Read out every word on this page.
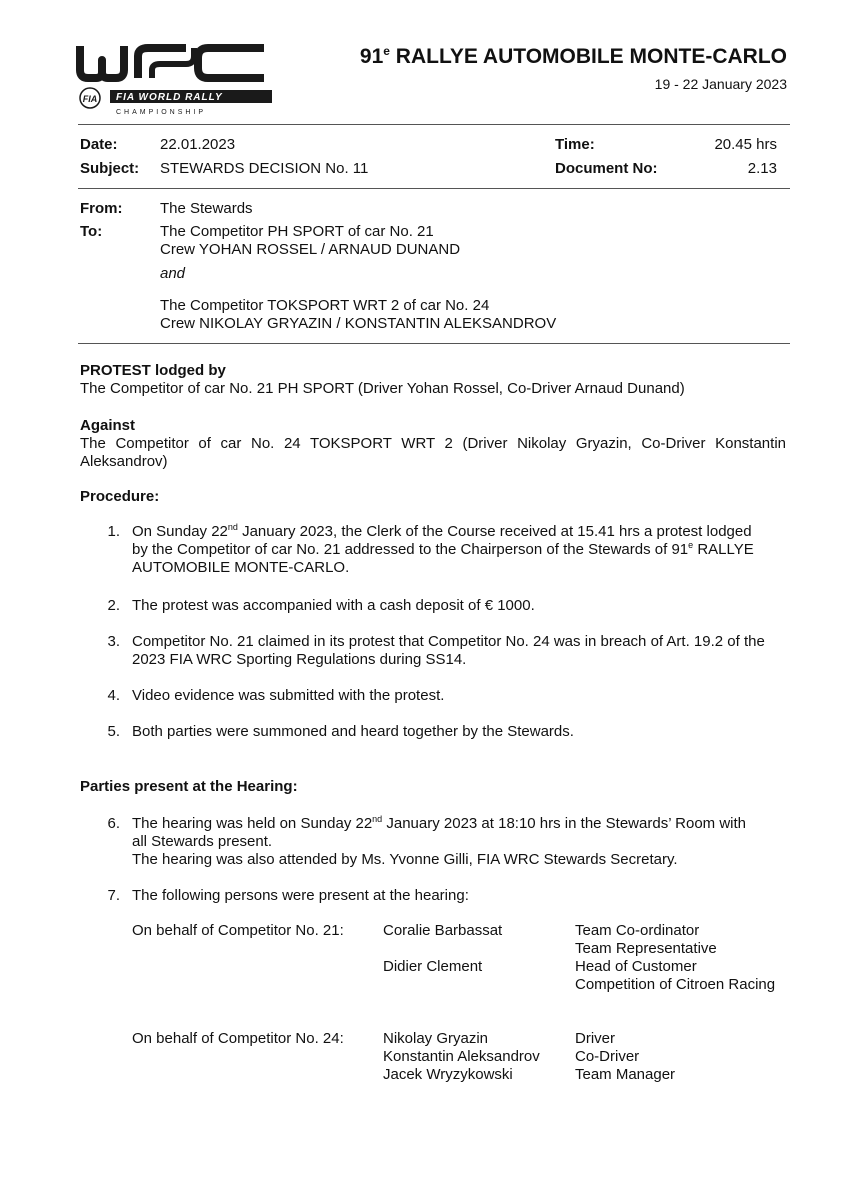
FIA FIA WORLD RALLY
CHAMPIONSHIP
91e RALLYE AUTOMOBILE MONTE-CARLO
19 - 22 January 2023
Date:	22.01.2023	Time:	20.45 hrs
Subject: STEWARDS DECISION No. 11	Document No:	2.13
From:	The Stewards
To:	The Competitor PH SPORT of car No. 21
Crew YOHAN ROSSEL / ARNAUD DUNAND
and
The Competitor TOKSPORT WRT 2 of car No. 24
Crew NIKOLAY GRYAZIN / KONSTANTIN ALEKSANDROV
PROTEST lodged by
The Competitor of car No. 21 PH SPORT (Driver Yohan Rossel, Co-Driver Arnaud Dunand)
Against
The Competitor of car No. 24 TOKSPORT WRT 2 (Driver Nikolay Gryazin, Co-Driver Konstantin
Aleksandrov)
Procedure:
1. On Sunday 22nd January 2023, the Clerk of the Course received at 15.41 hrs a protest lodged
by the Competitor of car No. 21 addressed to the Chairperson of the Stewards of 91e RALLYE
AUTOMOBILE MONTE-CARLO.
2. The protest was accompanied with a cash deposit of € 1000.
3. Competitor No. 21 claimed in its protest that Competitor No. 24 was in breach of Art. 19.2 of the
2023 FIA WRC Sporting Regulations during SS14.
4. Video evidence was submitted with the protest.
5. Both parties were summoned and heard together by the Stewards.
Parties present at the Hearing:
6. The hearing was held on Sunday 22nd January 2023 at 18:10 hrs in the Stewards’ Room with
all Stewards present.
The hearing was also attended by Ms. Yvonne Gilli, FIA WRC Stewards Secretary.
7. The following persons were present at the hearing:
On behalf of Competitor No. 21:	Coralie Barbassat	Team Co-ordinator
Team Representative
Didier Clement	Head of Customer
Competition of Citroen Racing
On behalf of Competitor No. 24:	Nikolay Gryazin	Driver
Konstantin Aleksandrov Co-Driver
Jacek Wryzykowski	Team Manager
